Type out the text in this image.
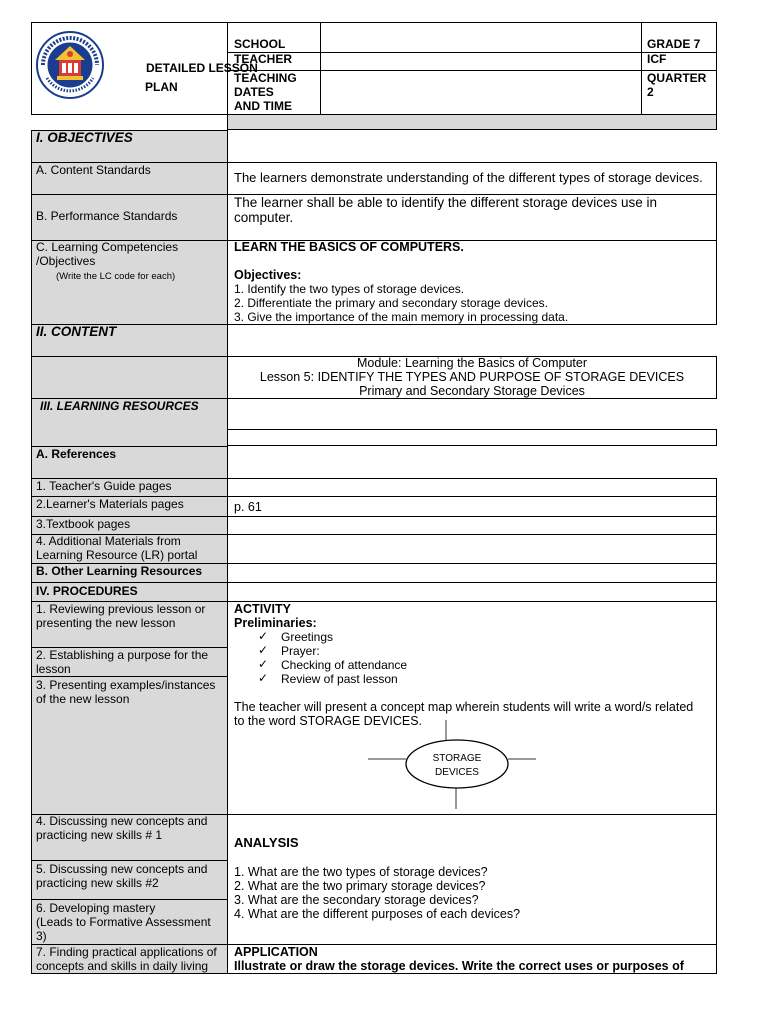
DETAILED LESSON
PLAN
SCHOOL
TEACHER
TEACHING
DATES
AND TIME
GRADE 7
ICF
QUARTER
2
I. OBJECTIVES
A. Content Standards	The learners demonstrate understanding of the different types of storage devices.
B. Performance Standards
The learner shall be able to identify the different storage devices use in
computer.
C. Learning Competencies
/Objectives
(Write the LC code for each)
LEARN THE BASICS OF COMPUTERS.
Objectives:
1. Identify the two types of storage devices.
2. Differentiate the primary and secondary storage devices.
3. Give the importance of the main memory in processing data.
II. CONTENT
Module: Learning the Basics of Computer
Lesson 5: IDENTIFY THE TYPES AND PURPOSE OF STORAGE DEVICES
Primary and Secondary Storage Devices
III. LEARNING RESOURCES
A. References
1. Teacher's Guide pages
2.Learner's Materials pages	p. 61
3.Textbook pages
4. Additional Materials from
Learning Resource (LR) portal
B. Other Learning Resources
IV. PROCEDURES
1. Reviewing previous lesson or
presenting the new lesson
2. Establishing a purpose for the
lesson
3. Presenting examples/instances
of the new lesson
ACTIVITY
Preliminaries:
✓ Greetings
✓ Prayer:
✓ Checking of attendance
✓ Review of past lesson
The teacher will present a concept map wherein students will write a word/s related
to the word STORAGE DEVICES.
STORAGE
DEVICES
4. Discussing new concepts and
practicing new skills # 1
5. Discussing new concepts and
practicing new skills #2
6. Developing mastery
(Leads to Formative Assessment
3)
ANALYSIS
1. What are the two types of storage devices?
2. What are the two primary storage devices?
3. What are the secondary storage devices?
4. What are the different purposes of each devices?
7. Finding practical applications of
concepts and skills in daily living
APPLICATION
Illustrate or draw the storage devices. Write the correct uses or purposes of
